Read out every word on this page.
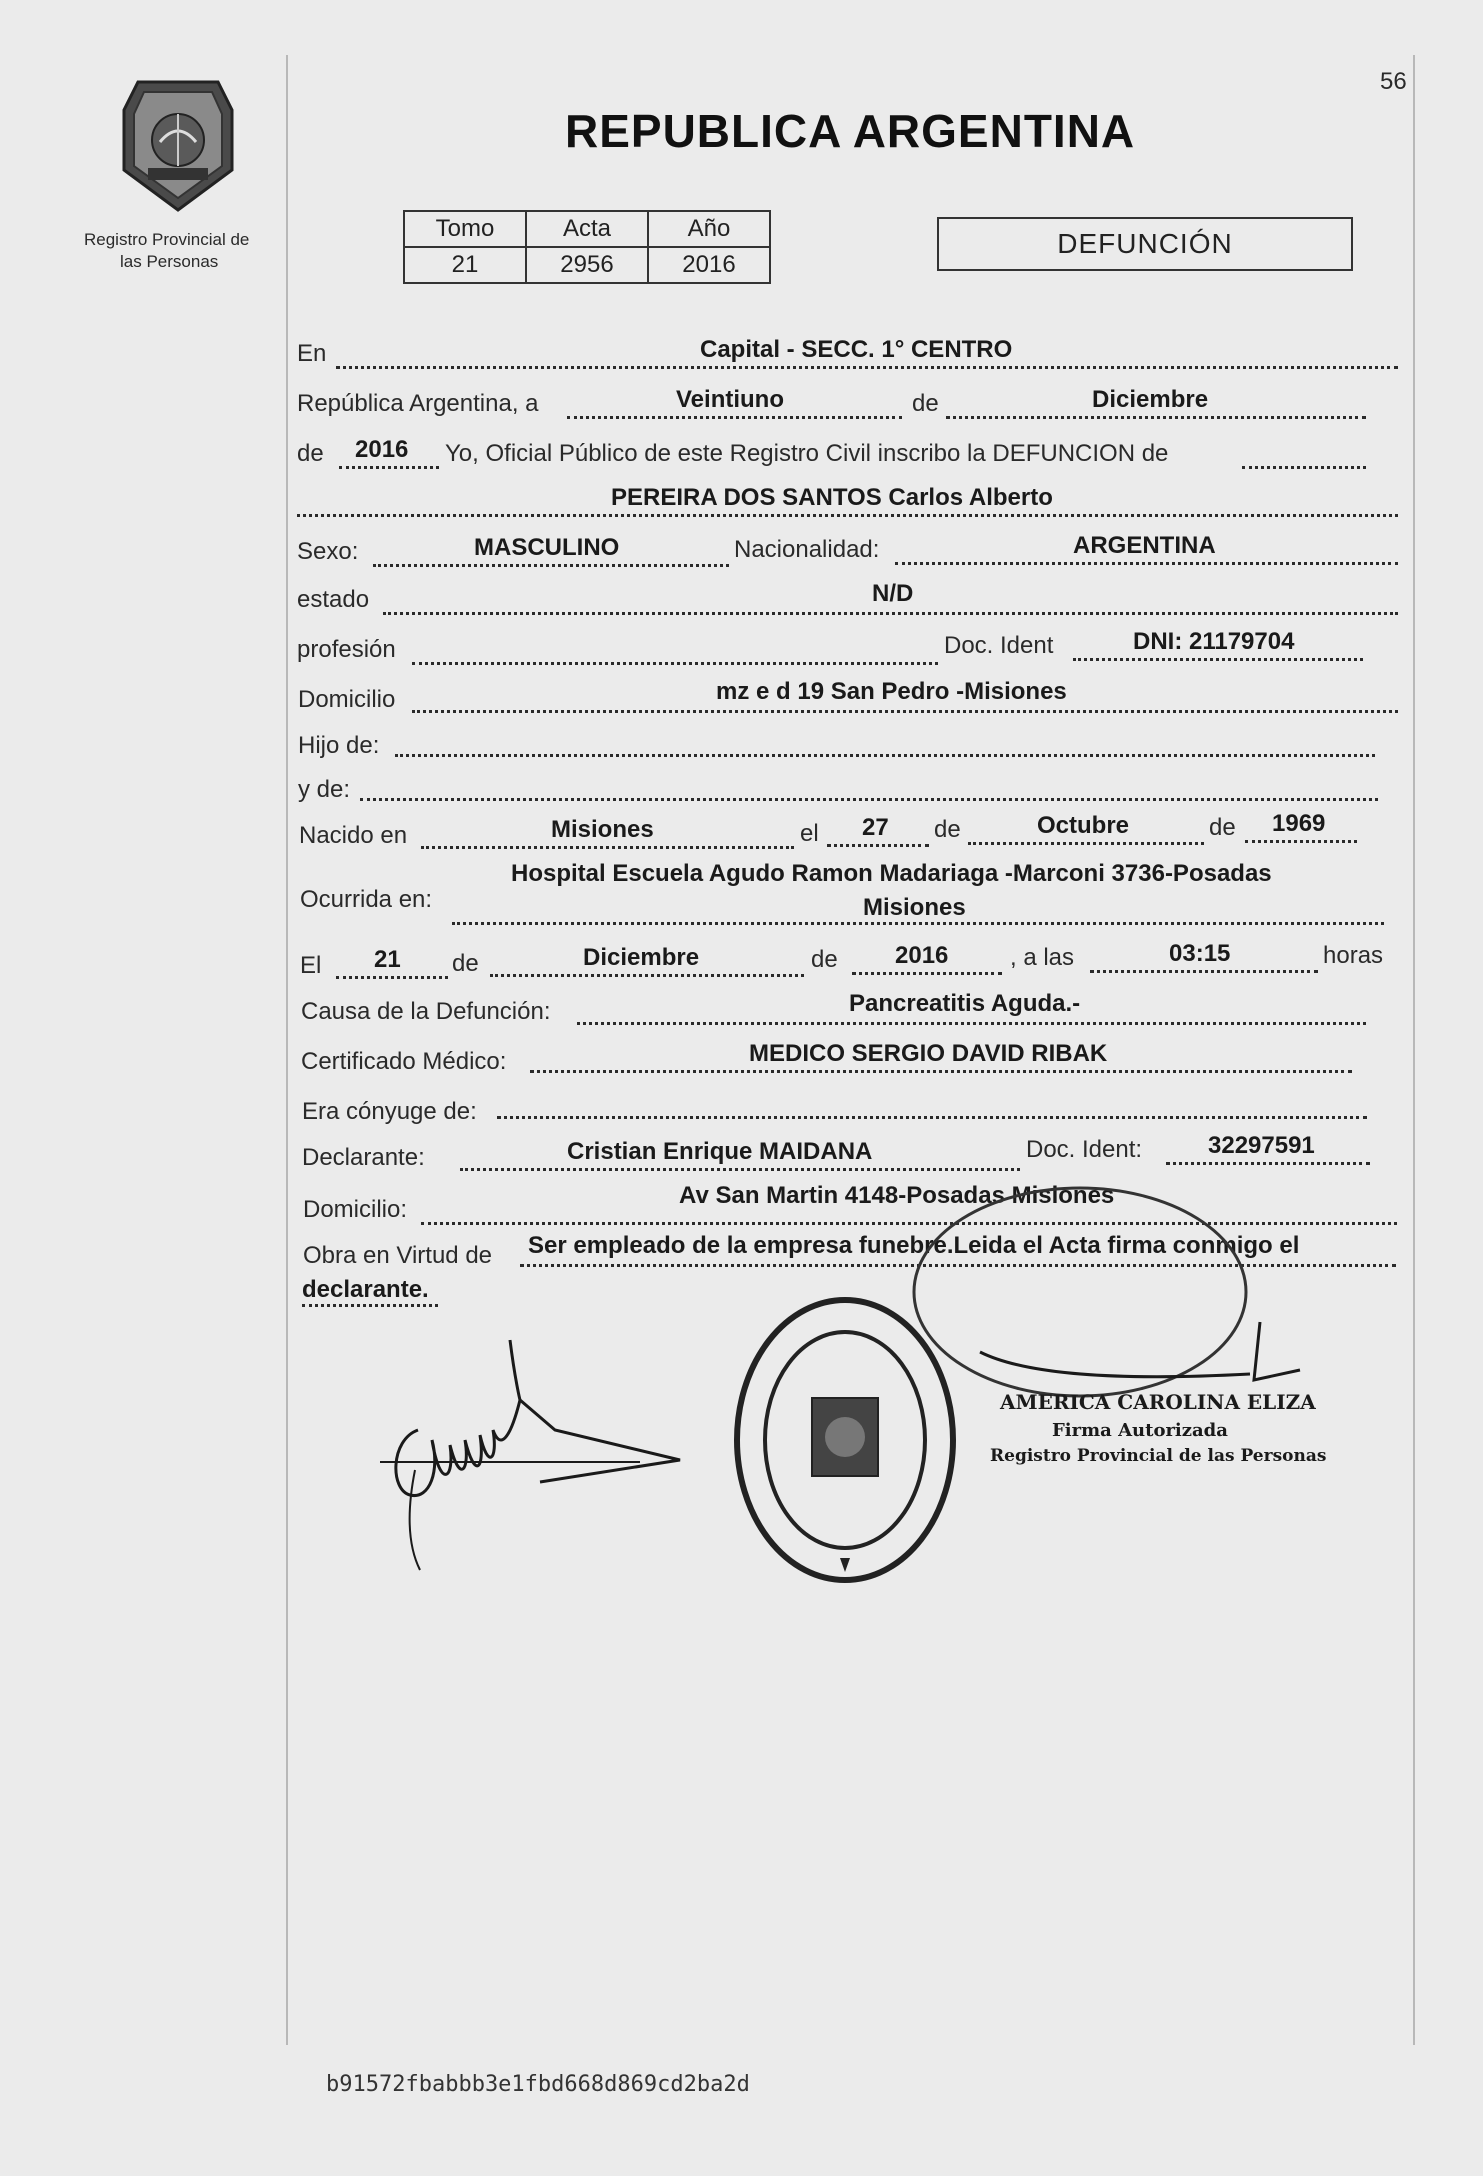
56
Registro Provincial de
las Personas
REPUBLICA ARGENTINA
Tomo	Acta	Año
21	2956	2016
DEFUNCIÓN
En	Capital - SECC. 1° CENTRO
República Argentina, a	Veintiuno	de	Diciembre
de 2016 Yo, Oficial Público de este Registro Civil inscribo la DEFUNCION de
PEREIRA DOS SANTOS Carlos Alberto
Sexo:	MASCULINO	Nacionalidad:	ARGENTINA
estado	N/D
profesión	Doc. Ident	DNI: 21179704
Domicilio	mz e d 19 San Pedro -Misiones
Hijo de:
y de:
Nacido en	Misiones	el 27 de	Octubre	de 1969
Ocurrida en:
Hospital Escuela Agudo Ramon Madariaga -Marconi 3736-Posadas
Misiones
El 21 de	Diciembre	de 2016	, a las	03:15	horas
Causa de la Defunción:	Pancreatitis Aguda.-
Certificado Médico:	MEDICO SERGIO DAVID RIBAK
Era cónyuge de:
Declarante:	Cristian Enrique MAIDANA	Doc. Ident:	32297591
Domicilio:
Av San Martin 4148-Posadas Misiones
Obra en Virtud de Ser empleado de la empresa funebre.Leida el Acta firma conmigo el
declarante.
AMERICA CAROLINA ELIZA
Firma Autorizada
Registro Provincial de las Personas
b91572fbabbb3e1fbd668d869cd2ba2d
